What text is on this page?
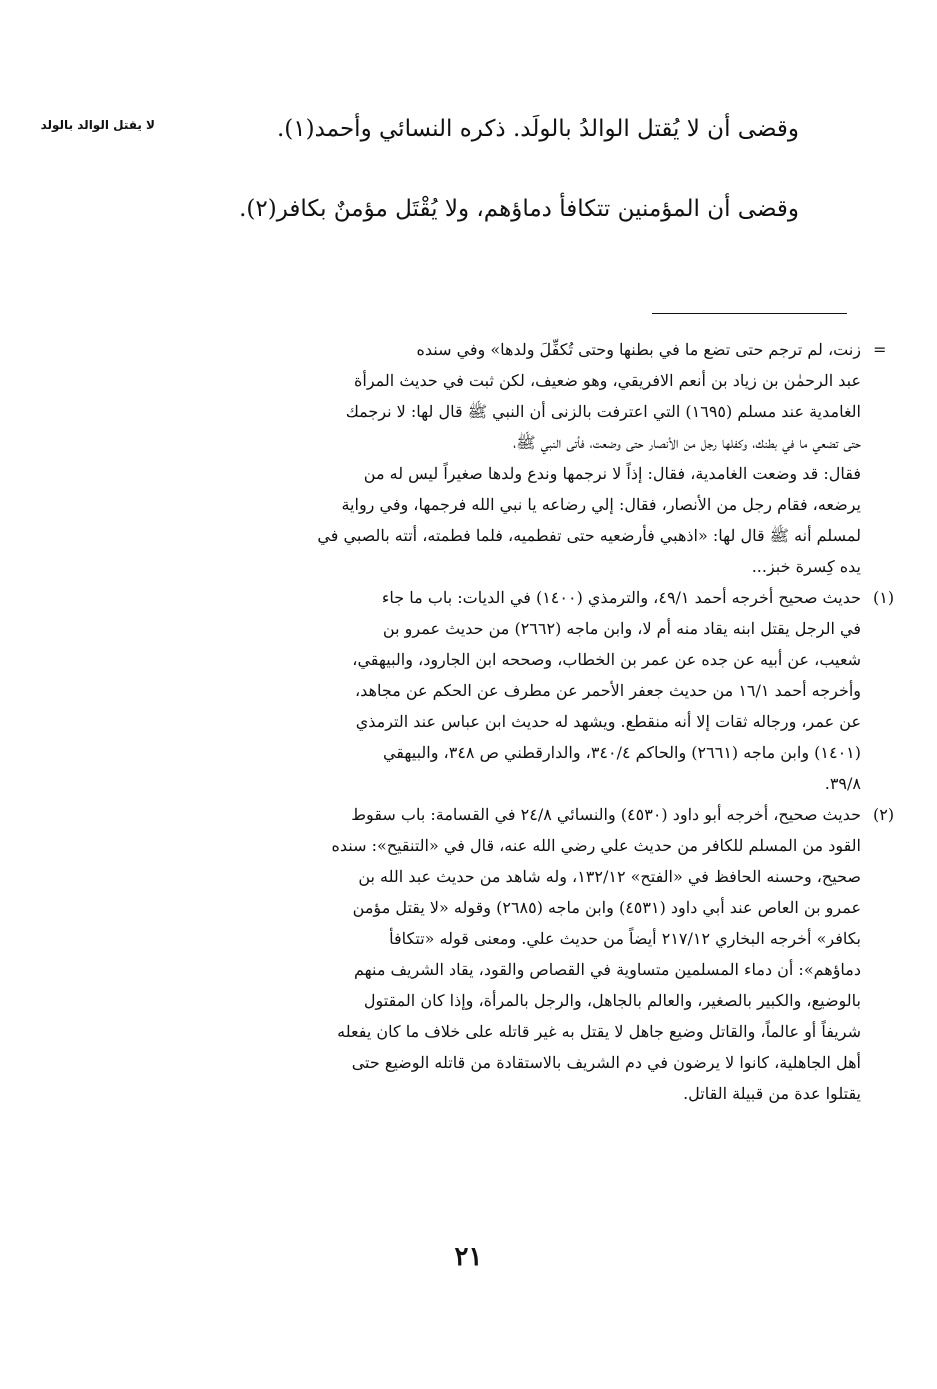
لا يقتل الوالد بالولد	وقضى أن لا يُقتل الوالدُ بالولَد. ذكره النسائي وأحمد(١).
وقضى أن المؤمنين تتكافأ دماؤهم، ولا يُقْتَل مؤمنٌ بكافر(٢).
=
زنت، لم ترجم حتى تضع ما في بطنها وحتى تُكفِّلَ ولدها» وفي سنده
عبد الرحمٰن بن زياد بن أنعم الافريقي، وهو ضعيف، لكن ثبت في حديث المرأة
الغامدية عند مسلم (١٦٩٥) التي اعترفت بالزنى أن النبي ﷺ قال لها: لا نرجمك
حتى تضعي ما في بطنك، وكفلها رجل من الأنصار حتى وضعت، فأتى النبي ﷺ،
فقال: قد وضعت الغامدية، فقال: إذاً لا نرجمها وندع ولدها صغيراً ليس له من
يرضعه، فقام رجل من الأنصار، فقال: إلي رضاعه يا نبي الله فرجمها، وفي رواية
لمسلم أنه ﷺ قال لها: «اذهبي فأرضعيه حتى تفطميه، فلما فطمته، أتته بالصبي في
يده كِسرة خبز...
(١)
حديث صحيح أخرجه أحمد ٤٩/١، والترمذي (١٤٠٠) في الديات: باب ما جاء
في الرجل يقتل ابنه يقاد منه أم لا، وابن ماجه (٢٦٦٢) من حديث عمرو بن
شعيب، عن أبيه عن جده عن عمر بن الخطاب، وصححه ابن الجارود، والبيهقي،
وأخرجه أحمد ١٦/١ من حديث جعفر الأحمر عن مطرف عن الحكم عن مجاهد،
عن عمر، ورجاله ثقات إلا أنه منقطع. ويشهد له حديث ابن عباس عند الترمذي
(١٤٠١) وابن ماجه (٢٦٦١) والحاكم ٣٤٠/٤، والدارقطني ص ٣٤٨، والبيهقي
٣٩/٨.
(٢)
حديث صحيح، أخرجه أبو داود (٤٥٣٠) والنسائي ٢٤/٨ في القسامة: باب سقوط
القود من المسلم للكافر من حديث علي رضي الله عنه، قال في «التنقيح»: سنده
صحيح، وحسنه الحافظ في «الفتح» ١٣٢/١٢، وله شاهد من حديث عبد الله بن
عمرو بن العاص عند أبي داود (٤٥٣١) وابن ماجه (٢٦٨٥) وقوله «لا يقتل مؤمن
بكافر» أخرجه البخاري ٢١٧/١٢ أيضاً من حديث علي. ومعنى قوله «تتكافأ
دماؤهم»: أن دماء المسلمين متساوية في القصاص والقود، يقاد الشريف منهم
بالوضيع، والكبير بالصغير، والعالم بالجاهل، والرجل بالمرأة، وإذا كان المقتول
شريفاً أو عالماً، والقاتل وضيع جاهل لا يقتل به غير قاتله على خلاف ما كان يفعله
أهل الجاهلية، كانوا لا يرضون في دم الشريف بالاستقادة من قاتله الوضيع حتى
يقتلوا عدة من قبيلة القاتل.
٢١
